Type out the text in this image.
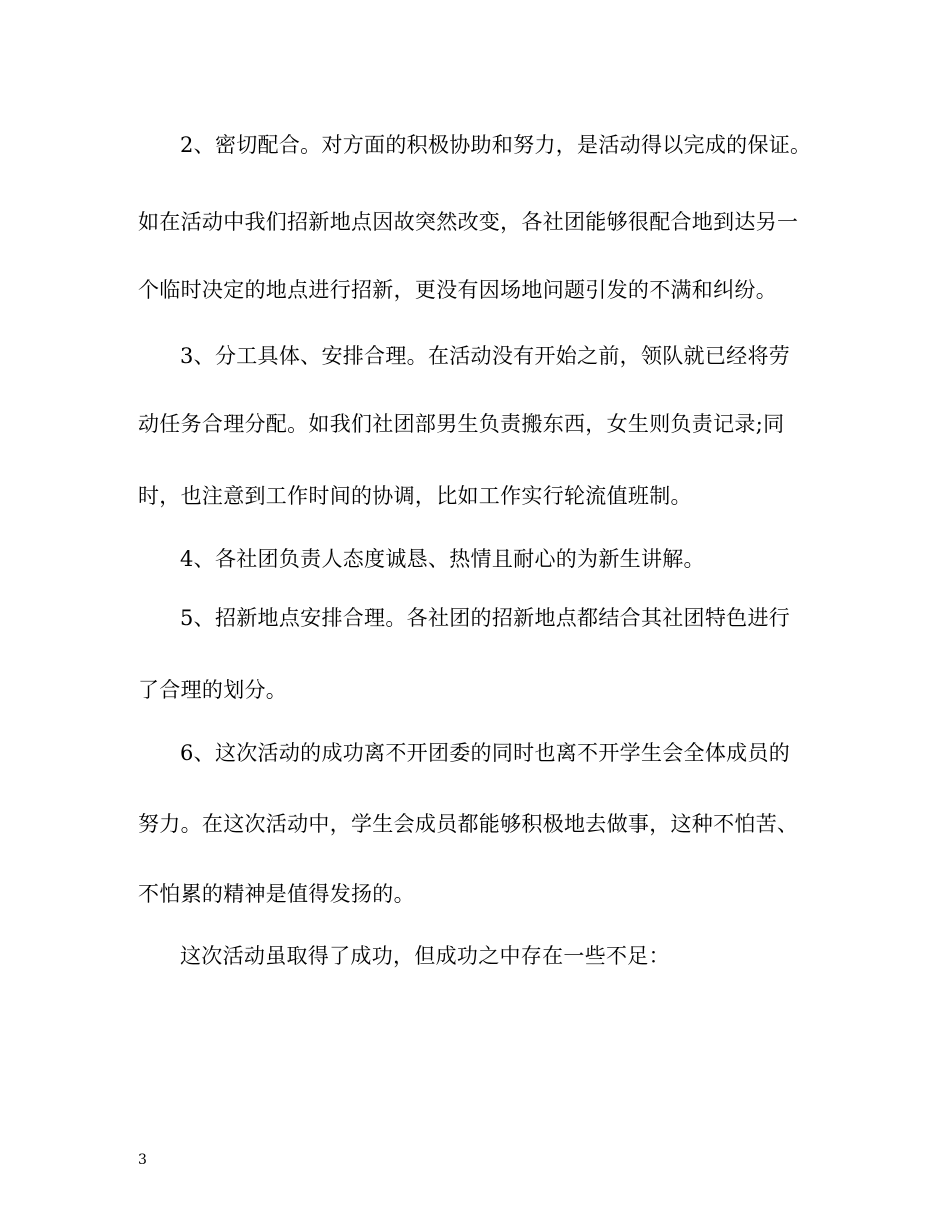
2、密切配合。对方面的积极协助和努力，是活动得以完成的保证。
如在活动中我们招新地点因故突然改变，各社团能够很配合地到达另一
个临时决定的地点进行招新，更没有因场地问题引发的不满和纠纷。
3、分工具体、安排合理。在活动没有开始之前，领队就已经将劳
动任务合理分配。如我们社团部男生负责搬东西，女生则负责记录;同
时，也注意到工作时间的协调，比如工作实行轮流值班制。
4、各社团负责人态度诚恳、热情且耐心的为新生讲解。
5、招新地点安排合理。各社团的招新地点都结合其社团特色进行
了合理的划分。
6、这次活动的成功离不开团委的同时也离不开学生会全体成员的
努力。在这次活动中，学生会成员都能够积极地去做事，这种不怕苦、
不怕累的精神是值得发扬的。
这次活动虽取得了成功，但成功之中存在一些不足：
3
